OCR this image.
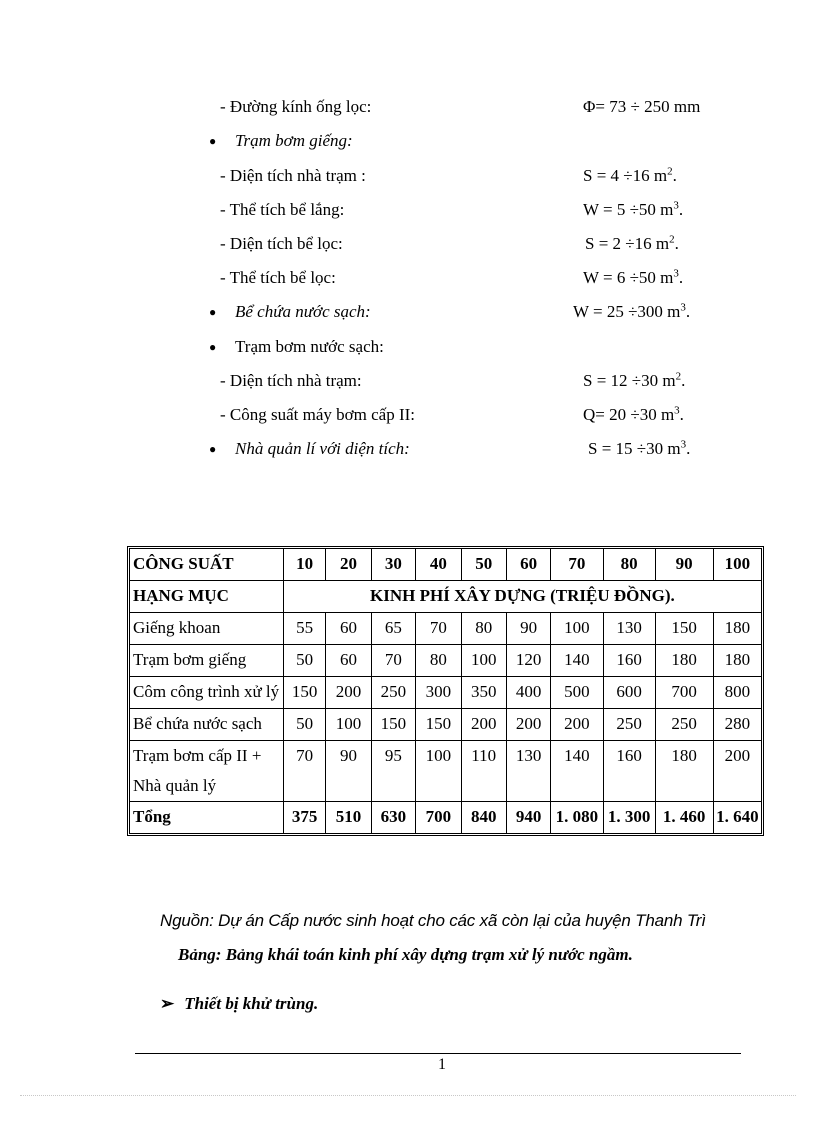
- Đường kính ống lọc:	Φ= 73 ÷ 250 mm
● Trạm bơm giếng:
- Diện tích nhà trạm :	S = 4 ÷16 $m^2$.
- Thể tích bể lắng:	W = 5 ÷50 $m^3$.
- Diện tích bể lọc:	S = 2 ÷16 $m^2$.
- Thể tích bể lọc:	W = 6 ÷50 $m^3$.
● Bể chứa nước sạch:	W = 25 ÷300 $m^3$.
● Trạm bơm nước sạch:
- Diện tích nhà trạm:	S = 12 ÷30 $m^2$.
- Công suất máy bơm cấp II:	Q= 20 ÷30 $m^3$.
● Nhà quản lí với diện tích:	S = 15 ÷30 $m^3$.
CÔNG SUẤT	10	20	30	40	50	60	70	80	90	100
HẠNG MỤC	KINH PHÍ XÂY DỰNG (TRIỆU ĐỒNG).									
Giếng khoan	55	60	65	70	80	90	100	130	150	180
Trạm bơm giếng	50	60	70	80	100	120	140	160	180	180
Côm công trình xử lý	150	200	250	300	350	400	500	600	700	800
Bể chứa nước sạch	50	100	150	150	200	200	200	250	250	280
Trạm bơm cấp II + Nhà quản lý	70	90	95	100	110	130	140	160	180	200
Tổng	375	510	630	700	840	940	1. 080	1. 300	1. 460	1. 640
Nguồn: Dự án Cấp nước sinh hoạt cho các xã còn lại của huyện Thanh Trì
Bảng: Bảng khái toán kinh phí xây dựng trạm xử lý nước ngầm.
➢ Thiết bị khử trùng.
1
